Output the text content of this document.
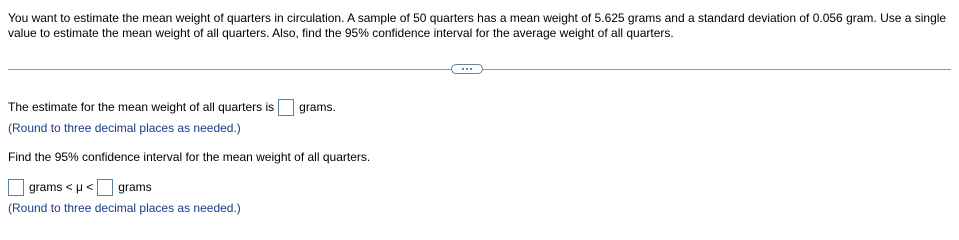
You want to estimate the mean weight of quarters in circulation. A sample of 50 quarters has a mean weight of 5.625 grams and a standard deviation of 0.056 gram. Use a single value to estimate the mean weight of all quarters. Also, find the 95% confidence interval for the average weight of all quarters.
The estimate for the mean weight of all quarters is grams.
(Round to three decimal places as needed.)
Find the 95% confidence interval for the mean weight of all quarters.
grams < μ < grams
(Round to three decimal places as needed.)
